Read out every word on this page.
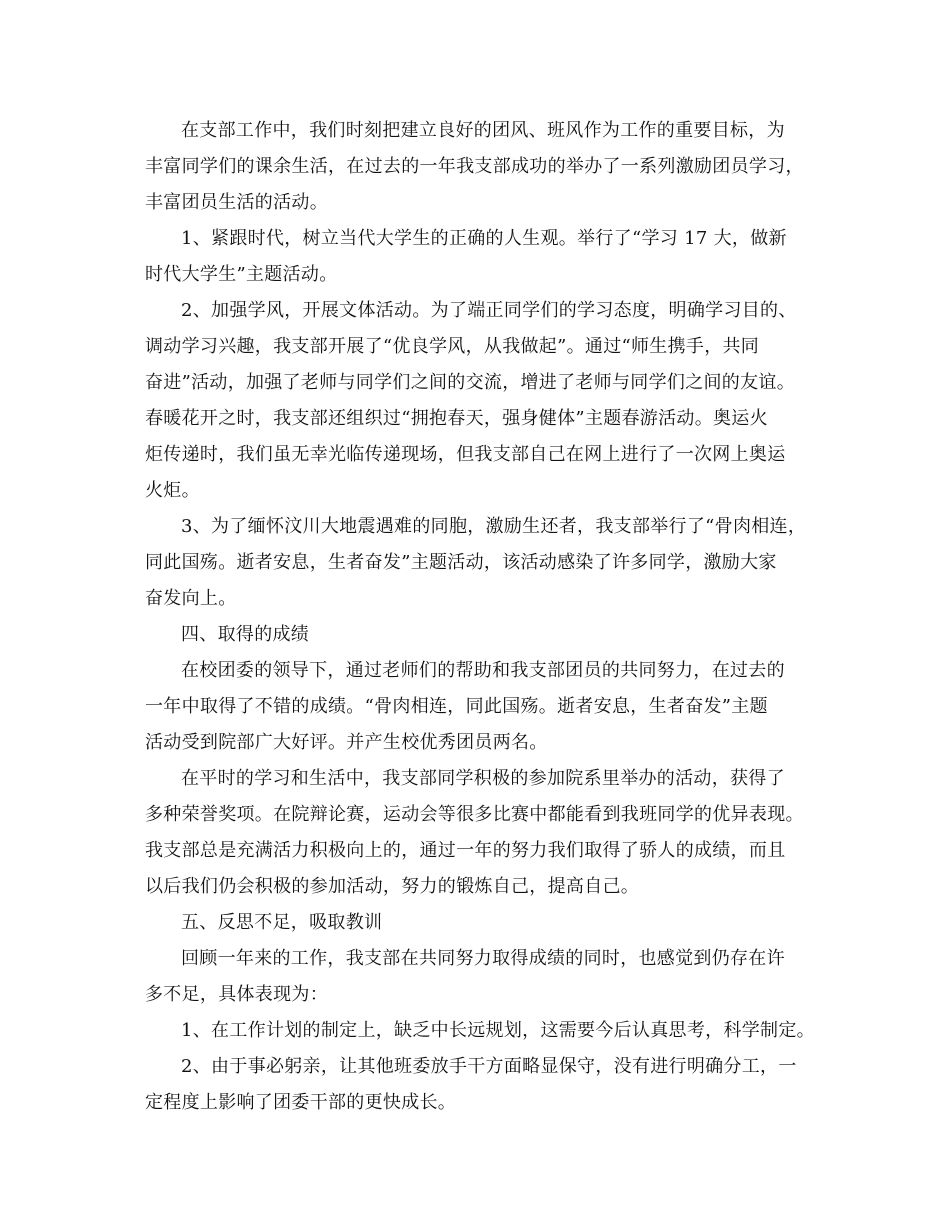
在支部工作中，我们时刻把建立良好的团风、班风作为工作的重要目标，为
丰富同学们的课余生活，在过去的一年我支部成功的举办了一系列激励团员学习，
丰富团员生活的活动。
1、紧跟时代，树立当代大学生的正确的人生观。举行了“学习 17 大，做新
时代大学生”主题活动。
2、加强学风，开展文体活动。为了端正同学们的学习态度，明确学习目的、
调动学习兴趣，我支部开展了“优良学风，从我做起”。通过“师生携手，共同
奋进”活动，加强了老师与同学们之间的交流，增进了老师与同学们之间的友谊。
春暖花开之时，我支部还组织过“拥抱春天，强身健体”主题春游活动。奥运火
炬传递时，我们虽无幸光临传递现场，但我支部自己在网上进行了一次网上奥运
火炬。
3、为了缅怀汶川大地震遇难的同胞，激励生还者，我支部举行了“骨肉相连，
同此国殇。逝者安息，生者奋发”主题活动，该活动感染了许多同学，激励大家
奋发向上。
四、取得的成绩
在校团委的领导下，通过老师们的帮助和我支部团员的共同努力，在过去的
一年中取得了不错的成绩。“骨肉相连，同此国殇。逝者安息，生者奋发”主题
活动受到院部广大好评。并产生校优秀团员两名。
在平时的学习和生活中，我支部同学积极的参加院系里举办的活动，获得了
多种荣誉奖项。在院辩论赛，运动会等很多比赛中都能看到我班同学的优异表现。
我支部总是充满活力积极向上的，通过一年的努力我们取得了骄人的成绩，而且
以后我们仍会积极的参加活动，努力的锻炼自己，提高自己。
五、反思不足，吸取教训
回顾一年来的工作，我支部在共同努力取得成绩的同时，也感觉到仍存在许
多不足，具体表现为：
1、在工作计划的制定上，缺乏中长远规划，这需要今后认真思考，科学制定。
2、由于事必躬亲，让其他班委放手干方面略显保守，没有进行明确分工，一
定程度上影响了团委干部的更快成长。
